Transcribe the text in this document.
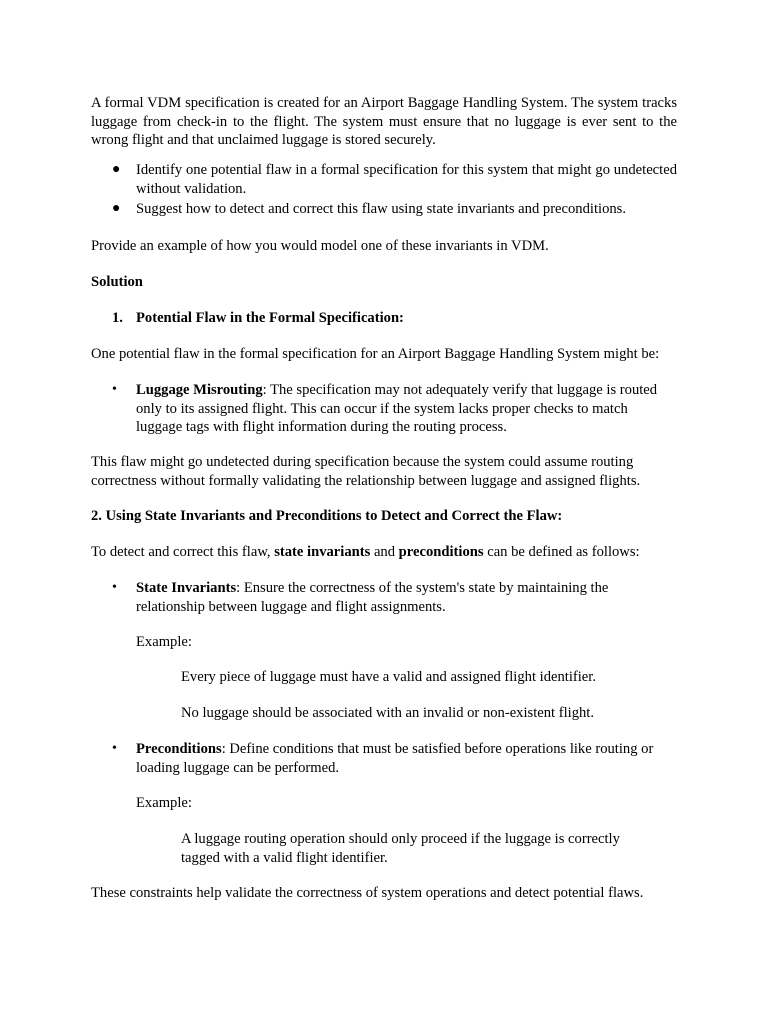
A formal VDM specification is created for an Airport Baggage Handling System. The system tracks luggage from check-in to the flight. The system must ensure that no luggage is ever sent to the wrong flight and that unclaimed luggage is stored securely.

●	Identify one potential flaw in a formal specification for this system that might go undetected without validation.
●	Suggest how to detect and correct this flaw using state invariants and preconditions.

Provide an example of how you would model one of these invariants in VDM.

Solution

1. Potential Flaw in the Formal Specification:

One potential flaw in the formal specification for an Airport Baggage Handling System might be:

•	Luggage Misrouting: The specification may not adequately verify that luggage is routed only to its assigned flight. This can occur if the system lacks proper checks to match luggage tags with flight information during the routing process.

This flaw might go undetected during specification because the system could assume routing correctness without formally validating the relationship between luggage and assigned flights.

2. Using State Invariants and Preconditions to Detect and Correct the Flaw:

To detect and correct this flaw, state invariants and preconditions can be defined as follows:

•	State Invariants: Ensure the correctness of the system's state by maintaining the relationship between luggage and flight assignments.
Example:
Every piece of luggage must have a valid and assigned flight identifier.
No luggage should be associated with an invalid or non-existent flight.
•	Preconditions: Define conditions that must be satisfied before operations like routing or loading luggage can be performed.
Example:
A luggage routing operation should only proceed if the luggage is correctly tagged with a valid flight identifier.

These constraints help validate the correctness of system operations and detect potential flaws.
